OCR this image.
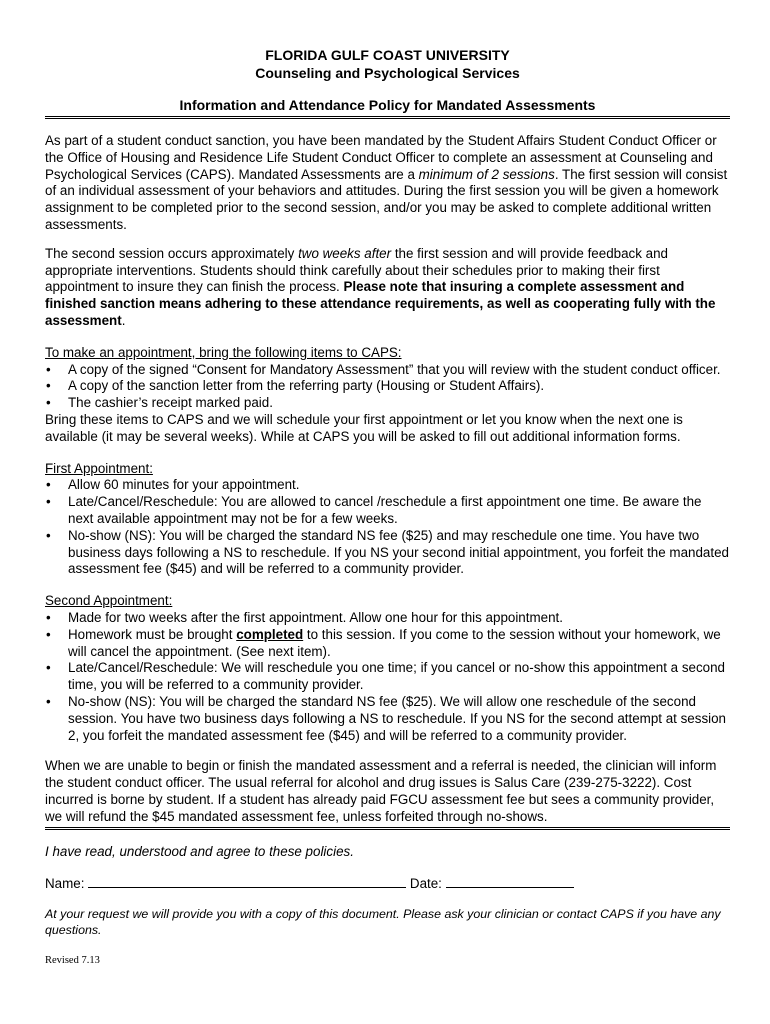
FLORIDA GULF COAST UNIVERSITY
Counseling and Psychological Services
Information and Attendance Policy for Mandated Assessments

As part of a student conduct sanction, you have been mandated by the Student Affairs Student Conduct Officer or the Office of Housing and Residence Life Student Conduct Officer to complete an assessment at Counseling and Psychological Services (CAPS). Mandated Assessments are a minimum of 2 sessions. The first session will consist of an individual assessment of your behaviors and attitudes. During the first session you will be given a homework assignment to be completed prior to the second session, and/or you may be asked to complete additional written assessments.

The second session occurs approximately two weeks after the first session and will provide feedback and appropriate interventions. Students should think carefully about their schedules prior to making their first appointment to insure they can finish the process. Please note that insuring a complete assessment and finished sanction means adhering to these attendance requirements, as well as cooperating fully with the assessment.

To make an appointment, bring the following items to CAPS:

• A copy of the signed “Consent for Mandatory Assessment” that you will review with the student conduct officer.
• A copy of the sanction letter from the referring party (Housing or Student Affairs).
• The cashier’s receipt marked paid.

Bring these items to CAPS and we will schedule your first appointment or let you know when the next one is available (it may be several weeks). While at CAPS you will be asked to fill out additional information forms.

First Appointment:

• Allow 60 minutes for your appointment.
• Late/Cancel/Reschedule: You are allowed to cancel /reschedule a first appointment one time. Be aware the next available appointment may not be for a few weeks.
• No-show (NS): You will be charged the standard NS fee ($25) and may reschedule one time. You have two business days following a NS to reschedule. If you NS your second initial appointment, you forfeit the mandated assessment fee ($45) and will be referred to a community provider.

Second Appointment:

• Made for two weeks after the first appointment. Allow one hour for this appointment.
• Homework must be brought completed to this session. If you come to the session without your homework, we will cancel the appointment. (See next item).
• Late/Cancel/Reschedule: We will reschedule you one time; if you cancel or no-show this appointment a second time, you will be referred to a community provider.
• No-show (NS): You will be charged the standard NS fee ($25). We will allow one reschedule of the second session. You have two business days following a NS to reschedule. If you NS for the second attempt at session 2, you forfeit the mandated assessment fee ($45) and will be referred to a community provider.

When we are unable to begin or finish the mandated assessment and a referral is needed, the clinician will inform the student conduct officer. The usual referral for alcohol and drug issues is Salus Care (239-275-3222). Cost incurred is borne by student. If a student has already paid FGCU assessment fee but sees a community provider, we will refund the $45 mandated assessment fee, unless forfeited through no-shows.

I have read, understood and agree to these policies.

Name:	Date:

At your request we will provide you with a copy of this document. Please ask your clinician or contact CAPS if you have any questions.

Revised 7.13
